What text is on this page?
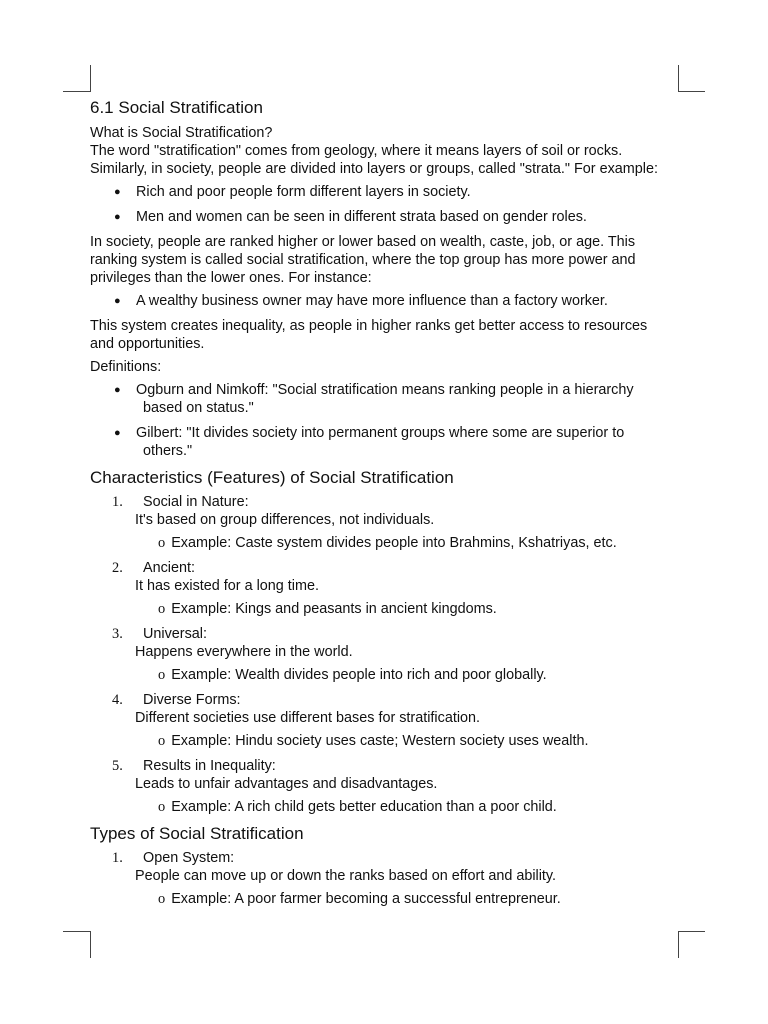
6.1 Social Stratification
What is Social Stratification?
The word "stratification" comes from geology, where it means layers of soil or rocks.
Similarly, in society, people are divided into layers or groups, called "strata." For example:
● Rich and poor people form different layers in society.
● Men and women can be seen in different strata based on gender roles.

In society, people are ranked higher or lower based on wealth, caste, job, or age. This ranking system is called social stratification, where the top group has more power and privileges than the lower ones. For instance:

● A wealthy business owner may have more influence than a factory worker.

This system creates inequality, as people in higher ranks get better access to resources and opportunities.

Definitions:

● Ogburn and Nimkoff: "Social stratification means ranking people in a hierarchy based on status."
● Gilbert: "It divides society into permanent groups where some are superior to others."
Characteristics (Features) of Social Stratification
1. Social in Nature:
It's based on group differences, not individuals.
o Example: Caste system divides people into Brahmins, Kshatriyas, etc.
2. Ancient:
It has existed for a long time.
o Example: Kings and peasants in ancient kingdoms.
3. Universal:
Happens everywhere in the world.
o Example: Wealth divides people into rich and poor globally.
4. Diverse Forms:
Different societies use different bases for stratification.
o Example: Hindu society uses caste; Western society uses wealth.
5. Results in Inequality:
Leads to unfair advantages and disadvantages.
o Example: A rich child gets better education than a poor child.
Types of Social Stratification
1. Open System:
People can move up or down the ranks based on effort and ability.
o Example: A poor farmer becoming a successful entrepreneur.
